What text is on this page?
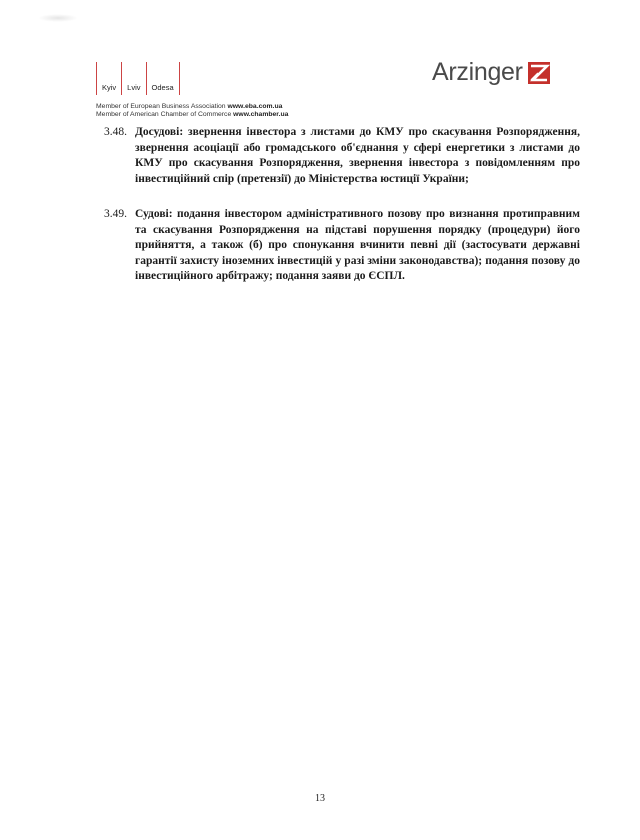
Kyiv	Lviv	Odesa
Arzinger
Member of European Business Association www.eba.com.ua
Member of American Chamber of Commerce www.chamber.ua
3.48. Досудові: звернення інвестора з листами до КМУ про скасування Розпорядження, звернення асоціації або громадського об'єднання у сфері енергетики з листами до КМУ про скасування Розпорядження, звернення інвестора з повідомленням про інвестиційний спір (претензії) до Міністерства юстиції України;
3.49. Судові: подання інвестором адміністративного позову про визнання протиправним та скасування Розпорядження на підставі порушення порядку (процедури) його прийняття, а також (б) про спонукання вчинити певні дії (застосувати державні гарантії захисту іноземних інвестицій у разі зміни законодавства); подання позову до інвестиційного арбітражу; подання заяви до ЄСПЛ.
13
